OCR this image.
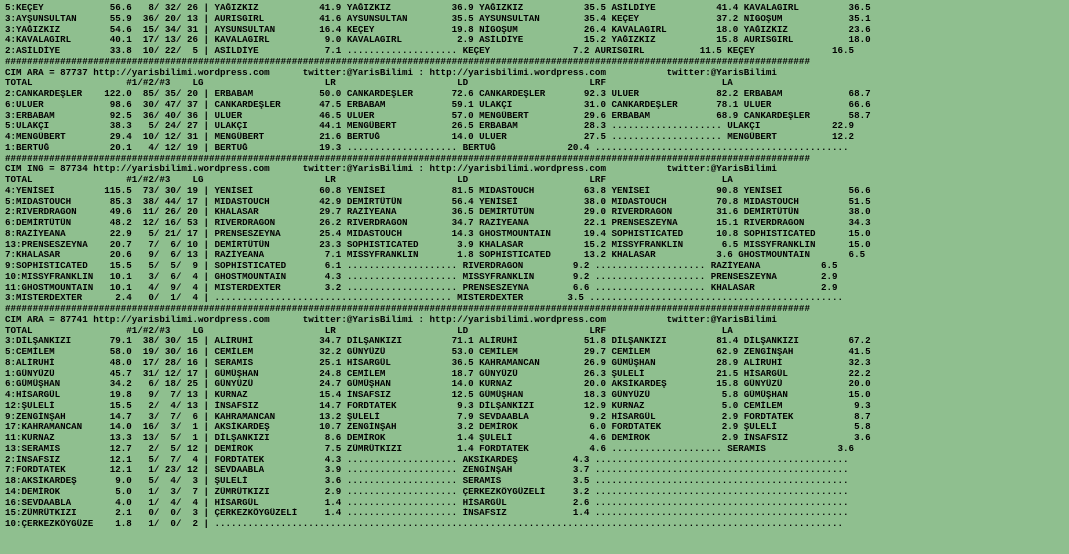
5:KEÇEY            56.6   8/ 32/ 26 | YAĞIZKIZ           41.9 YAĞIZKIZ           36.9 YAĞIZKIZ           35.5 ASİLDİYE           41.4 KAVALAGIRL         36.5
3:AYŞUNSULTAN      55.9  36/ 20/ 13 | AURISGIRL          41.6 AYSUNSULTAN        35.5 AYSUNSULTAN        35.4 KEÇEY              37.2 NİGOŞUM            35.1
3:YAĞIZKIZ         54.6  15/ 34/ 31 | AYSUNSULTAN        16.4 KEÇEY              19.8 NİGOŞUM            26.4 KAVALAGIRL         18.0 YAĞIZKIZ           23.6
4:KAVALAGIRL       40.1  17/ 13/ 26 | KAVALAGIRL          9.0 KAVALAGIRL          2.9 ASİLDİYE           15.2 YAĞIZKIZ           15.8 AURISGIRL          18.0
2:ASİLDİYE         33.8  10/ 22/  5 | ASİLDİYE            7.1 .................... KEÇEY               7.2 AURISGIRL          11.5 KEÇEY              16.5
##################################################################################################################################################
CIM ARA = 87737 http://yarisbilimi.wordpress.com      twitter:@YarisBilimi : http://yarisbilimi.wordpress.com           twitter:@YarisBilimi
TOTAL                 #1/#2/#3    LG                      LR                      LD                      LRF                     LA
2:CANKARDEŞLER    122.0  85/ 35/ 20 | ERBABAM            50.0 CANKARDEŞLER       72.6 CANKARDEŞLER       92.3 ULUER              82.2 ERBABAM            68.7
6:ULUER            98.6  30/ 47/ 37 | CANKARDEŞLER       47.5 ERBABAM            59.1 ULAKÇI             31.0 CANKARDEŞLER       78.1 ULUER              66.6
3:ERBABAM          92.5  36/ 40/ 36 | ULUER              46.5 ULUER              57.0 MENGÜBERT          29.6 ERBABAM            68.9 CANKARDEŞLER       58.7
5:ULAKÇI           38.3   5/ 24/ 27 | ULAKÇI             44.1 MENGÜBERT          26.5 ERBABAM            28.3 .................... ULAKÇI             22.9
4:MENGÜBERT        29.4  10/ 12/ 31 | MENGÜBERT          21.6 BERTUĞ             14.0 ULUER              27.5 .................... MENGÜBERT          12.2
1:BERTUĞ           20.1   4/ 12/ 19 | BERTUĞ             19.3 .................... BERTUĞ             20.4 ..............................................
##################################################################################################################################################
CIM ING = 87734 http://yarisbilimi.wordpress.com      twitter:@YarisBilimi : http://yarisbilimi.wordpress.com           twitter:@YarisBilimi
TOTAL                 #1/#2/#3    LG                      LR                      LD                      LRF                     LA
4:YENİSEİ         115.5  73/ 30/ 19 | YENİSEİ            60.8 YENİSEİ            81.5 MIDASTOUCH         63.8 YENİSEİ            90.8 YENİSEİ            56.6
5:MIDASTOUCH       85.3  38/ 44/ 17 | MIDASTOUCH         42.9 DEMİRTÜTÜN         56.4 YENİSEİ            38.0 MIDASTOUCH         70.8 MIDASTOUCH         51.5
2:RIVERDRAGON      49.6  11/ 26/ 20 | KHALASAR           29.7 RAZİYEANA          36.5 DEMİRTÜTÜN         29.0 RIVERDRAGON        31.6 DEMİRTÜTÜN         38.0
6:DEMİRTÜTÜN       48.2  12/ 16/ 53 | RIVERDRAGON        26.2 RIVERDRAGON        34.7 RAZİYEANA          22.1 PRENSESZEYNA       15.1 RIVERDRAGON        34.3
8:RAZİYEANA        22.9   5/ 21/ 17 | PRENSESZEYNA       25.4 MIDASTOUCH         14.3 GHOSTMOUNTAIN      19.4 SOPHISTICATED      10.8 SOPHISTICATED      15.0
13:PRENSESZEYNA    20.7   7/  6/ 10 | DEMİRTÜTÜN         23.3 SOPHISTICATED       3.9 KHALASAR           15.2 MISSYFRANKLIN       6.5 MISSYFRANKLIN      15.0
7:KHALASAR         20.6   9/  6/ 13 | RAZİYEANA           7.1 MISSYFRANKLIN       1.8 SOPHISTICATED      13.2 KHALASAR           3.6 GHOSTMOUNTAIN       6.5
9:SOPHISTICATED    15.5   5/  5/  9 | SOPHISTICATED       6.1 .................... RIVERDRAGON         9.2 .................... RAZİYEANA           6.5
10:MISSYFRANKLIN   10.1   3/  6/  4 | GHOSTMOUNTAIN       4.3 .................... MISSYFRANKLIN       9.2 .................... PRENSESZEYNA        2.9
11:GHOSTMOUNTAIN   10.1   4/  9/  4 | MISTERDEXTER        3.2 .................... PRENSESZEYNA        6.6 .................... KHALASAR            2.9
3:MISTERDEXTER      2.4   0/  1/  4 | ........................................... MISTERDEXTER        3.5 ..............................................
##################################################################################################################################################
CIM ARA = 87741 http://yarisbilimi.wordpress.com      twitter:@YarisBilimi : http://yarisbilimi.wordpress.com           twitter:@YarisBilimi
TOTAL                 #1/#2/#3    LG                      LR                      LD                      LRF                     LA
3:DİLŞANKIZI       79.1  38/ 30/ 15 | ALİRUHİ            34.7 DİLŞANKIZI         71.1 ALİRUHİ            51.8 DİLŞANKIZI         81.4 DİLŞANKIZI         67.2
5:CEMİLEM          58.0  19/ 30/ 16 | CEMİLEM            32.2 GÜNYÜZÜ            53.0 CEMİLEM            29.7 CEMİLEM            62.9 ZENGİNŞAH          41.5
8:ALİRUHİ          48.0  17/ 28/ 16 | SERAMIS            25.1 HİSARGÜL           36.5 KAHRAMANCAN        26.9 GÜMÜŞHAN           28.9 ALİRUHİ            32.3
1:GÜNYÜZÜ          45.7  31/ 12/ 17 | GÜMÜŞHAN           24.8 CEMİLEM            18.7 GÜNYÜZÜ            26.3 ŞULELİ             21.5 HİSARGÜL           22.2
6:GÜMÜŞHAN         34.2   6/ 18/ 25 | GÜNYÜZÜ            24.7 GÜMÜŞHAN           14.0 KURNAZ             20.0 AKSİKARDEŞ         15.8 GÜNYÜZÜ            20.0
4:HİSARGÜL         19.8   9/  7/ 13 | KURNAZ             15.4 İNSAFSIZ           12.5 GÜMÜŞHAN           18.3 GÜNYÜZÜ             5.8 GÜMÜŞHAN           15.0
12:ŞULELİ          15.5   2/  4/ 13 | İNSAFSIZ           14.7 FORDTATEK           9.3 DİLŞANKIZI         12.9 KURNAZ              5.0 CEMİLEM             9.3
9:ZENGİNŞAH        14.7   3/  7/  6 | KAHRAMANCAN        13.2 ŞULELİ              7.9 SEVDAABLA           9.2 HİSARGÜL            2.9 FORDTATEK           8.7
17:KAHRAMANCAN     14.0  16/  3/  1 | AKSİKARDEŞ         10.7 ZENGİNŞAH           3.2 DEMİROK             6.0 FORDTATEK           2.9 ŞULELİ              5.8
11:KURNAZ          13.3  13/  5/  1 | DİLŞANKIZI          8.6 DEMİROK             1.4 ŞULELİ              4.6 DEMİROK             2.9 İNSAFSIZ            3.6
13:SERAMIS         12.7   2/  5/ 12 | DEMİROK             7.5 ZÜMRÜTKIZI          1.4 FORDTATEK           4.6 .................... SERAMIS             3.6
2:İNSAFSIZ         12.1   5/  7/  4 | FORDTATEK           4.3 .................... AKSİKARDEŞ          4.3 ..............................................
7:FORDTATEK        12.1   1/ 23/ 12 | SEVDAABLA           3.9 .................... ZENGİNŞAH           3.7 ..............................................
18:AKSİKARDEŞ       9.0   5/  4/  3 | ŞULELİ              3.6 .................... SERAMIS             3.5 ..............................................
14:DEMİROK          5.0   1/  3/  7 | ZÜMRÜTKIZI          2.9 .................... ÇERKEZKÖYGÜZELİ     3.2 ..............................................
16:SEVDAABLA        4.0   1/  4/  4 | HİSARGÜL            1.4 .................... HİSARGÜL            2.6 ..............................................
15:ZÜMRÜTKIZI       2.1   0/  0/  3 | ÇERKEZKÖYGÜZELİ     1.4 .................... İNSAFSIZ            1.4 ..............................................
10:ÇERKEZKÖYGÜZE    1.8   1/  0/  2 | ..................................................................................................................
